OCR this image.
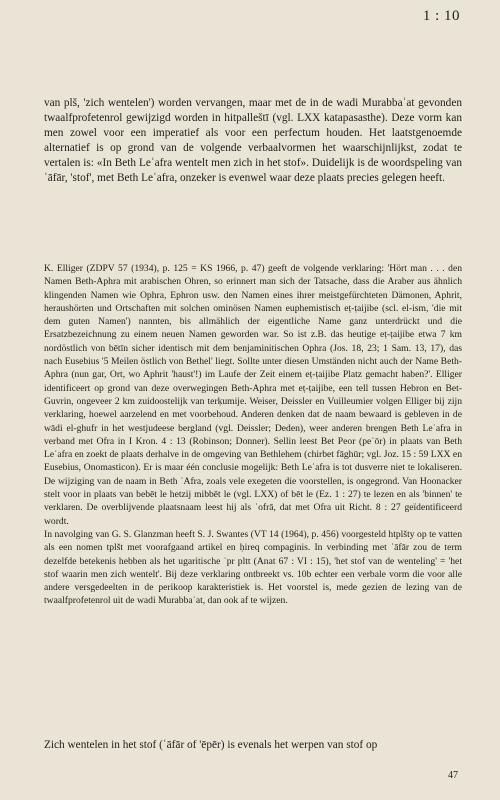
1 : 10

van plš, 'zich wentelen') worden vervangen, maar met de in de wadi Murabbaʿat gevonden twaalfprofetenrol gewijzigd worden in hitpalleštī (vgl. LXX katapasasthe). Deze vorm kan men zowel voor een imperatief als voor een perfectum houden. Het laatstgenoemde alternatief is op grond van de volgende verbaalvormen het waarschijnlijkst, zodat te vertalen is: «In Beth Leʿafra wentelt men zich in het stof». Duidelijk is de woordspeling van ʿāfār, 'stof', met Beth Leʿafra, onzeker is evenwel waar deze plaats precies gelegen heeft.

K. Elliger (ZDPV 57 (1934), p. 125 = KS 1966, p. 47) geeft de volgende verklaring: 'Hört man . . . den Namen Beth-Aphra mit arabischen Ohren, so erinnert man sich der Tatsache, dass die Araber aus ähnlich klingenden Namen wie Ophra, Ephron usw. den Namen eines ihrer meistgefürchteten Dämonen, Aphrit, heraushörten und Ortschaften mit solchen ominösen Namen euphemistisch eṭ-ṭaijibe (scl. el-ism, 'die mit dem guten Namen') nannten, bis allmählich der eigentliche Name ganz unterdrückt und die Ersatzbezeichnung zu einem neuen Namen geworden war. So ist z.B. das heutige eṭ-ṭaijibe etwa 7 km nordöstlich von bētīn sicher identisch mit dem benjaminitischen Ophra (Jos. 18, 23; 1 Sam. 13, 17), das nach Eusebius '5 Meilen östlich von Bethel' liegt. Sollte unter diesen Umständen nicht auch der Name Beth-Aphra (nun gar, Ort, wo Aphrit 'haust'!) im Laufe der Zeit einem eṭ-ṭaijibe Platz gemacht haben?'. Elliger identificeert op grond van deze overwegingen Beth-Aphra met eṭ-ṭaijibe, een tell tussen Hebron en Bet-Guvrin, ongeveer 2 km zuidoostelijk van terḳumije. Weiser, Deissler en Vuilleumier volgen Elliger bij zijn verklaring, hoewel aarzelend en met voorbehoud. Anderen denken dat de naam bewaard is gebleven in de wādi el-ghufr in het westjudeese bergland (vgl. Deissler; Deden), weer anderen brengen Beth Leʿafra in verband met Ofra in I Kron. 4 : 13 (Robinson; Donner). Sellin leest Bet Peor (peʿōr) in plaats van Beth Leʿafra en zoekt de plaats derhalve in de omgeving van Bethlehem (chirbet fāghūr; vgl. Joz. 15 : 59 LXX en Eusebius, Onomasticon). Er is maar één conclusie mogelijk: Beth Leʿafra is tot dusverre niet te lokaliseren. De wijziging van de naam in Beth ʿAfra, zoals vele exegeten die voorstellen, is ongegrond. Van Hoonacker stelt voor in plaats van bebēt le hetzij mibbēt le (vgl. LXX) of bēt le (Ez. 1 : 27) te lezen en als 'binnen' te verklaren. De overblijvende plaatsnaam leest hij als ʿofrā, dat met Ofra uit Richt. 8 : 27 geïdentificeerd wordt.

In navolging van G. S. Glanzman heeft S. J. Swantes (VT 14 (1964), p. 456) voorgesteld htplšty op te vatten als een nomen tplšt met voorafgaand artikel en ḥireq compaginis. In verbinding met ʿāfār zou de term dezelfde betekenis hebben als het ugaritische ʿpr pltt (Anat 67 : VI : 15), 'het stof van de wenteling' = 'het stof waarin men zich wentelt'. Bij deze verklaring ontbreekt vs. 10b echter een verbale vorm die voor alle andere versgedeelten in de perikoop karakteristiek is. Het voorstel is, mede gezien de lezing van de twaalfprofetenrol uit de wadi Murabbaʿat, dan ook af te wijzen.

Zich wentelen in het stof (ʿāfār of 'ēpēr) is evenals het werpen van stof op

47
